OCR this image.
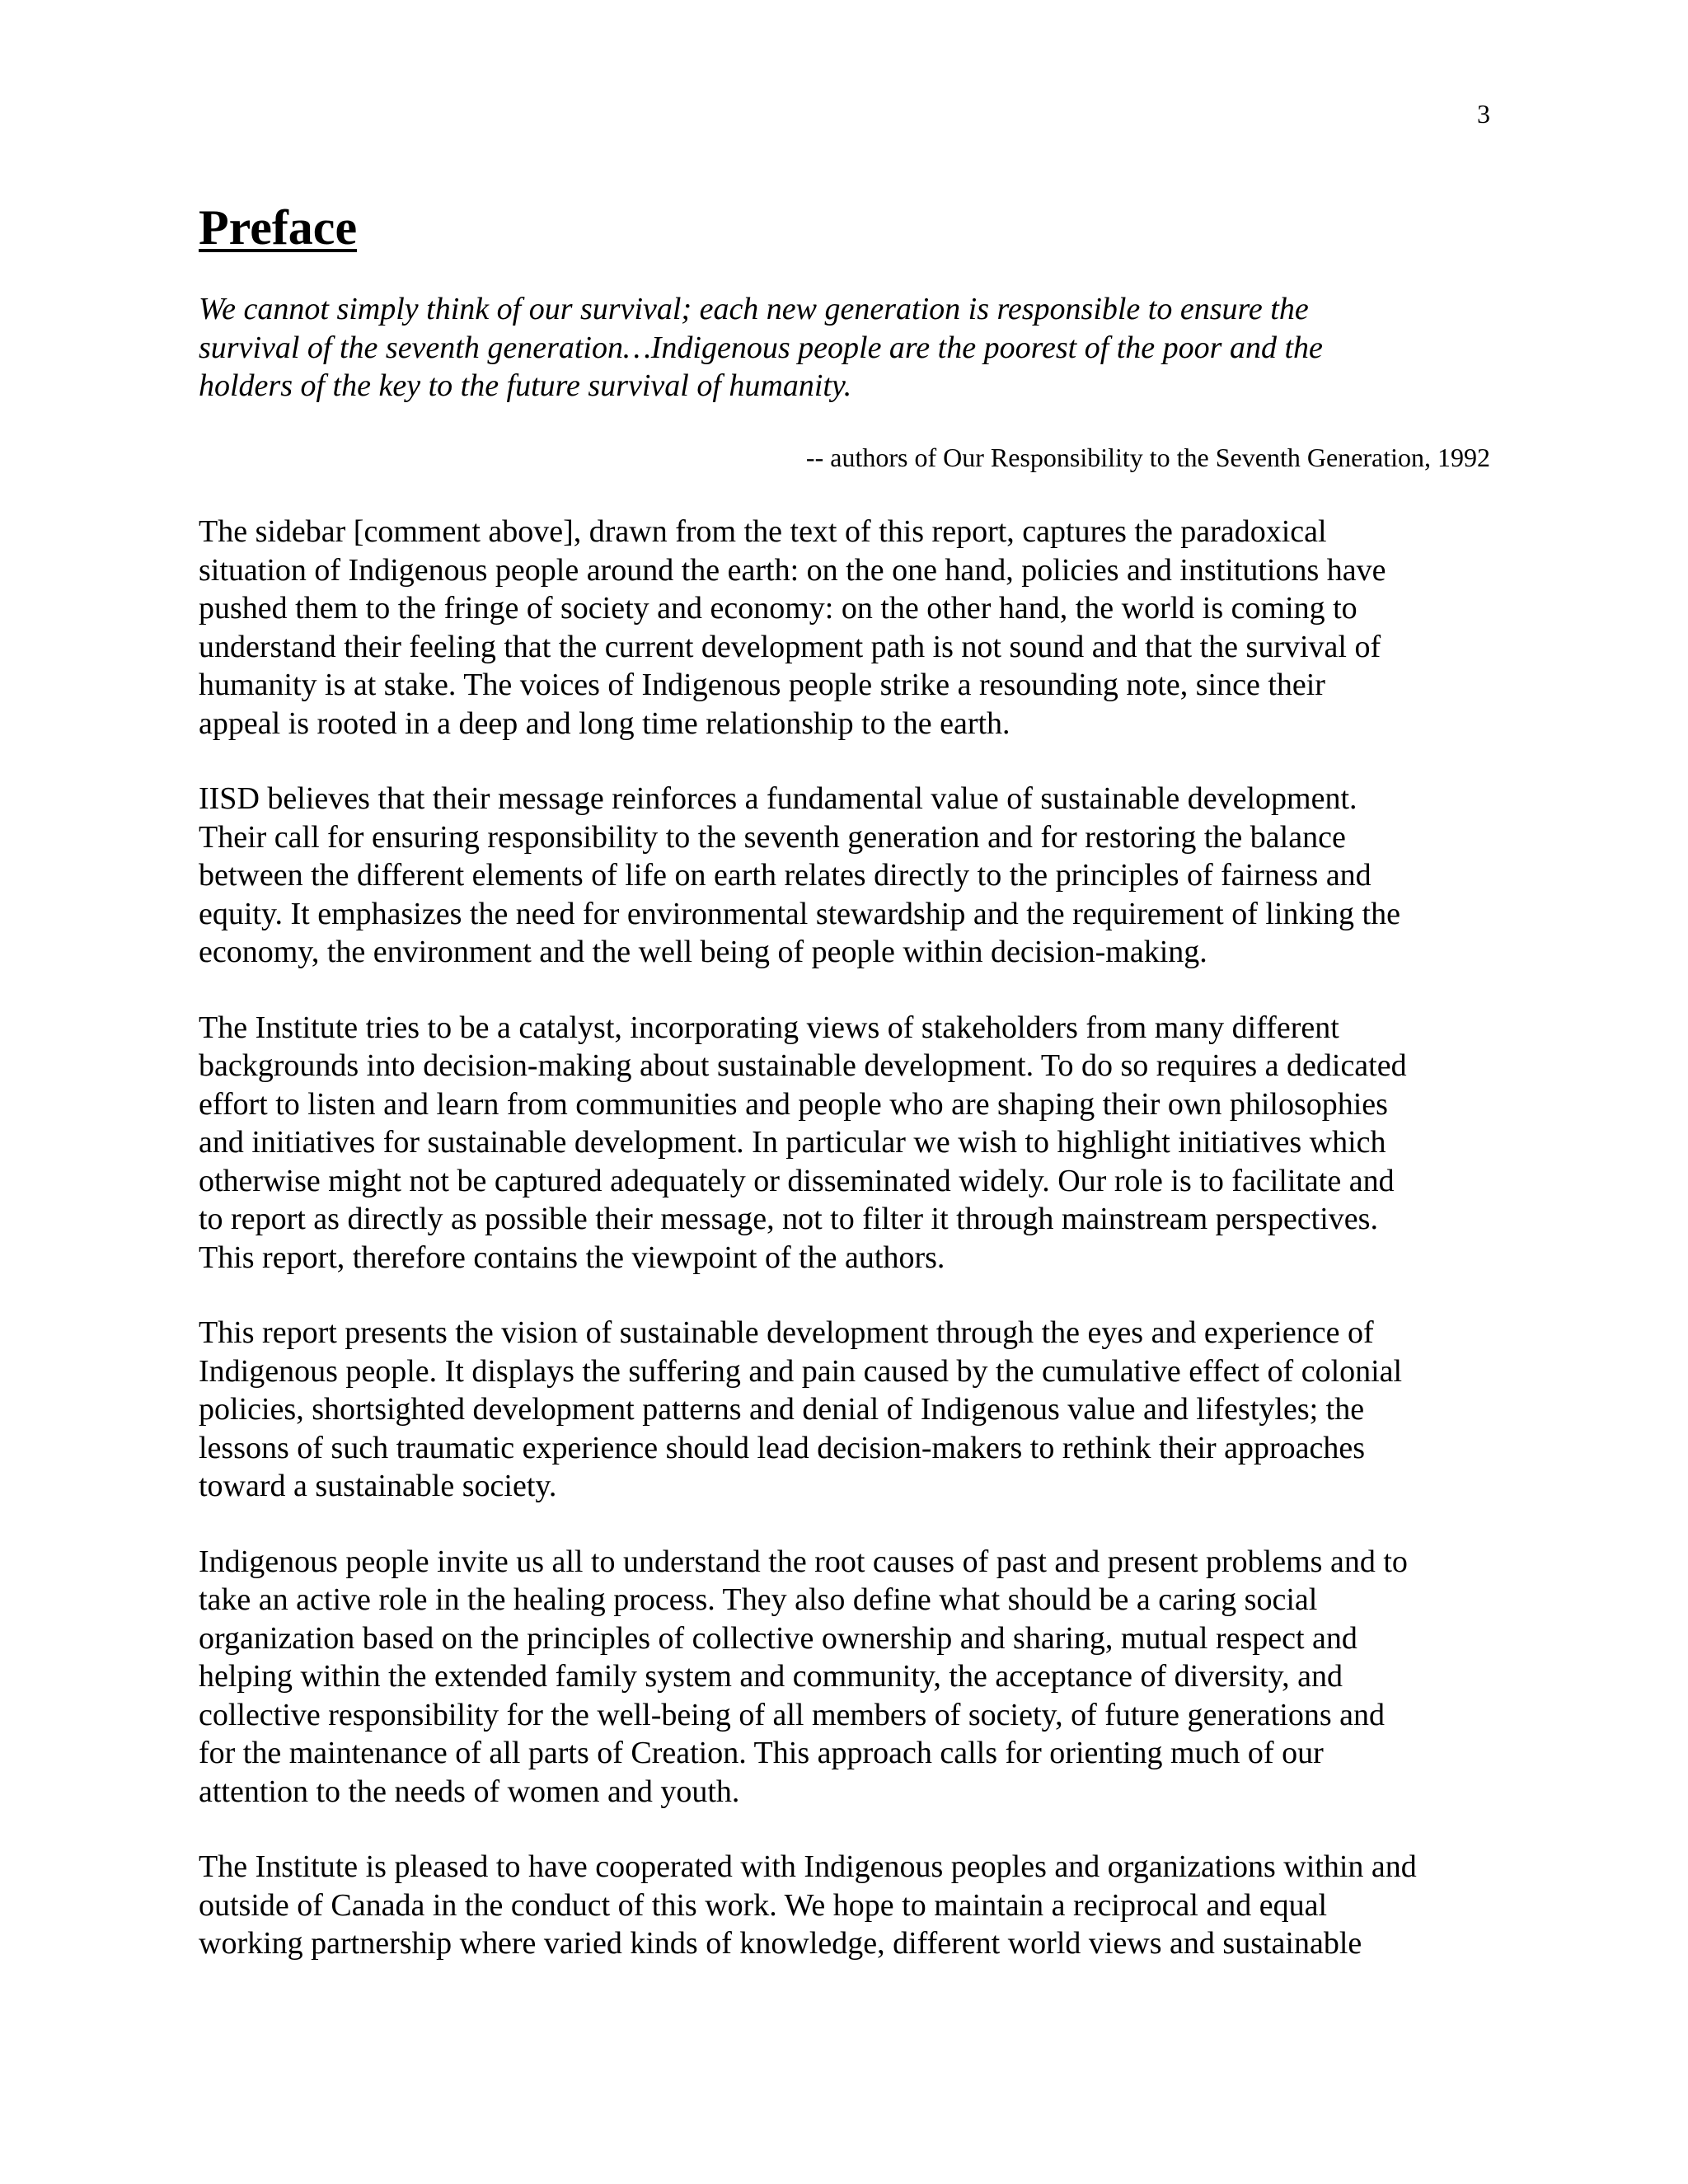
3
Preface
We cannot simply think of our survival; each new generation is responsible to ensure the
survival of the seventh generation…Indigenous people are the poorest of the poor and the
holders of the key to the future survival of humanity.
-- authors of Our Responsibility to the Seventh Generation, 1992

The sidebar [comment above], drawn from the text of this report, captures the paradoxical
situation of Indigenous people around the earth: on the one hand, policies and institutions have
pushed them to the fringe of society and economy: on the other hand, the world is coming to
understand their feeling that the current development path is not sound and that the survival of
humanity is at stake. The voices of Indigenous people strike a resounding note, since their
appeal is rooted in a deep and long time relationship to the earth.

IISD believes that their message reinforces a fundamental value of sustainable development.
Their call for ensuring responsibility to the seventh generation and for restoring the balance
between the different elements of life on earth relates directly to the principles of fairness and
equity. It emphasizes the need for environmental stewardship and the requirement of linking the
economy, the environment and the well being of people within decision-making.

The Institute tries to be a catalyst, incorporating views of stakeholders from many different
backgrounds into decision-making about sustainable development. To do so requires a dedicated
effort to listen and learn from communities and people who are shaping their own philosophies
and initiatives for sustainable development. In particular we wish to highlight initiatives which
otherwise might not be captured adequately or disseminated widely. Our role is to facilitate and
to report as directly as possible their message, not to filter it through mainstream perspectives.
This report, therefore contains the viewpoint of the authors.

This report presents the vision of sustainable development through the eyes and experience of
Indigenous people. It displays the suffering and pain caused by the cumulative effect of colonial
policies, shortsighted development patterns and denial of Indigenous value and lifestyles; the
lessons of such traumatic experience should lead decision-makers to rethink their approaches
toward a sustainable society.

Indigenous people invite us all to understand the root causes of past and present problems and to
take an active role in the healing process. They also define what should be a caring social
organization based on the principles of collective ownership and sharing, mutual respect and
helping within the extended family system and community, the acceptance of diversity, and
collective responsibility for the well-being of all members of society, of future generations and
for the maintenance of all parts of Creation. This approach calls for orienting much of our
attention to the needs of women and youth.

The Institute is pleased to have cooperated with Indigenous peoples and organizations within and
outside of Canada in the conduct of this work. We hope to maintain a reciprocal and equal
working partnership where varied kinds of knowledge, different world views and sustainable
